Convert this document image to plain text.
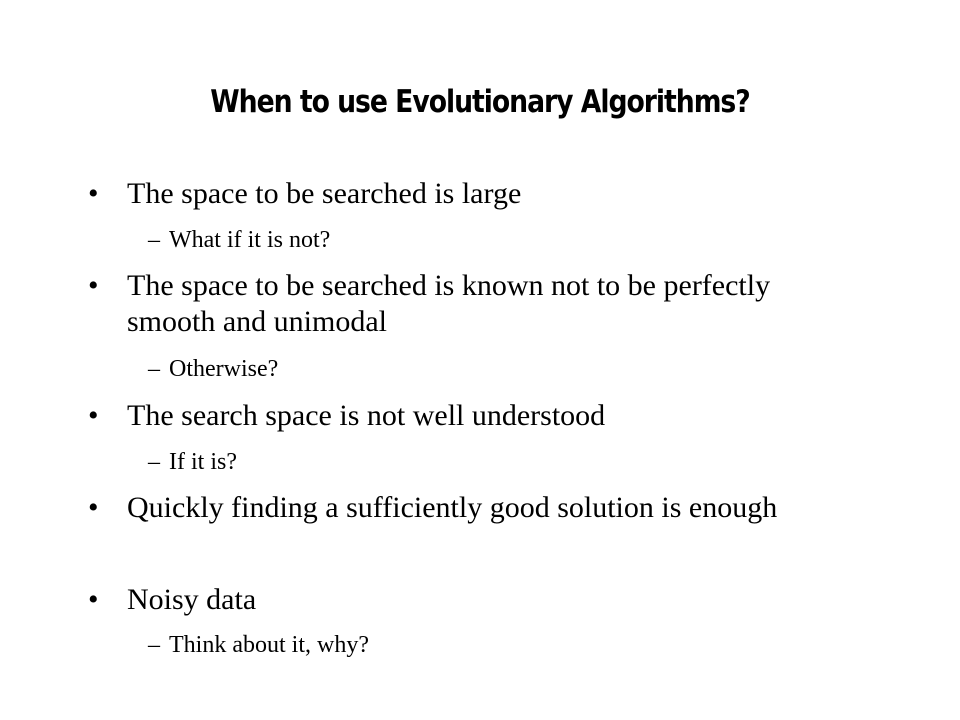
When to use Evolutionary Algorithms?
• The space to be searched is large
– What if it is not?
• The space to be searched is known not to be perfectly smooth and unimodal
– Otherwise?
• The search space is not well understood
– If it is?
• Quickly finding a sufficiently good solution is enough
• Noisy data
– Think about it, why?
